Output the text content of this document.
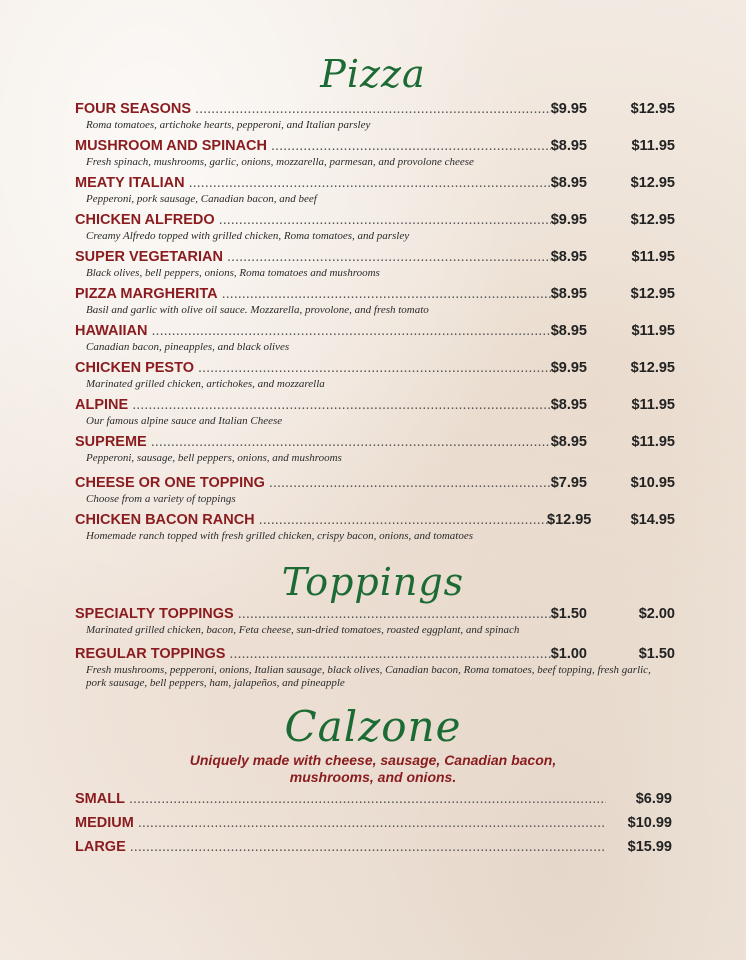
Pizza
FOUR SEASONS .....	$9.95	$12.95
Roma tomatoes, artichoke hearts, pepperoni, and Italian parsley
MUSHROOM AND SPINACH .....	$8.95	$11.95
Fresh spinach, mushrooms, garlic, onions, mozzarella, parmesan, and provolone cheese
MEATY ITALIAN .....	$8.95	$12.95
Pepperoni, pork sausage, Canadian bacon, and beef
CHICKEN ALFREDO .....	$9.95	$12.95
Creamy Alfredo topped with grilled chicken, Roma tomatoes, and parsley
SUPER VEGETARIAN .....	$8.95	$11.95
Black olives, bell peppers, onions, Roma tomatoes and mushrooms
PIZZA MARGHERITA .....	$8.95	$12.95
Basil and garlic with olive oil sauce. Mozzarella, provolone, and fresh tomato
HAWAIIAN .....	$8.95	$11.95
Canadian bacon, pineapples, and black olives
CHICKEN PESTO .....	$9.95	$12.95
Marinated grilled chicken, artichokes, and mozzarella
ALPINE .....	$8.95	$11.95
Our famous alpine sauce and Italian Cheese
SUPREME .....	$8.95	$11.95
Pepperoni, sausage, bell peppers, onions, and mushrooms
CHEESE OR ONE TOPPING .....	$7.95	$10.95
Choose from a variety of toppings
CHICKEN BACON RANCH .....	$12.95	$14.95
Homemade ranch topped with fresh grilled chicken, crispy bacon, onions, and tomatoes
Toppings
SPECIALTY TOPPINGS .....	$1.50	$2.00
Marinated grilled chicken, bacon, Feta cheese, sun-dried tomatoes, roasted eggplant, and spinach
REGULAR TOPPINGS .....	$1.00	$1.50
Fresh mushrooms, pepperoni, onions, Italian sausage, black olives, Canadian bacon, Roma tomatoes, beef topping, fresh garlic, pork sausage, bell peppers, ham, jalapeños, and pineapple
Calzone
Uniquely made with cheese, sausage, Canadian bacon,
mushrooms, and onions.
SMALL .....	$6.99
MEDIUM .....	$10.99
LARGE .....	$15.99
